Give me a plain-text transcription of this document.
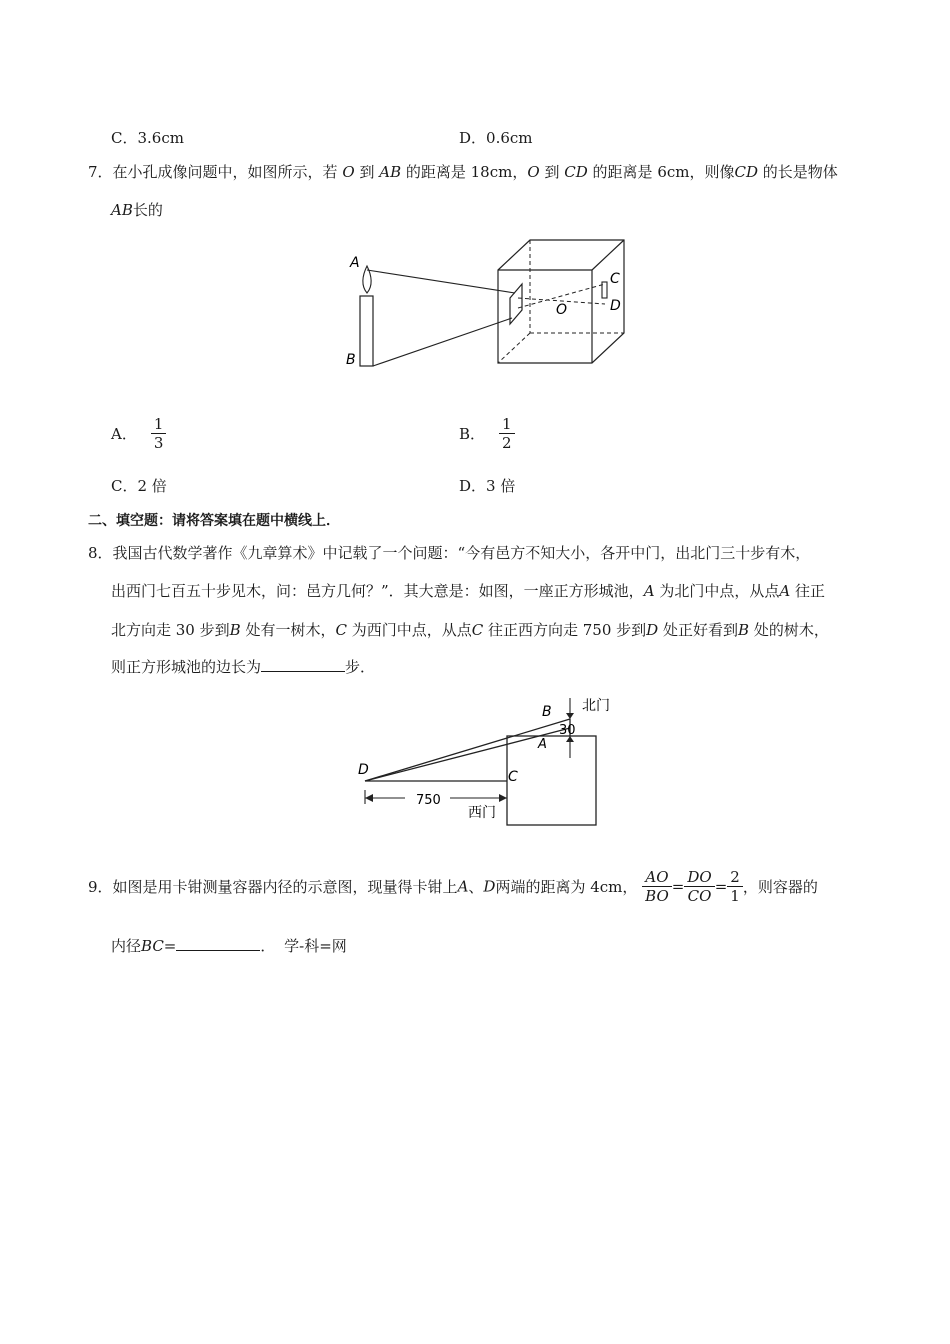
C．3.6cm	D．0.6cm
7．在小孔成像问题中，如图所示，若 O 到 AB 的距离是 18cm，O 到 CD 的距离是 6cm，则像CD 的长是物体
AB长的
A
B
C
D
O
A． $\frac{1}{3}$	B． $\frac{1}{2}$
C．2 倍	D．3 倍
二、填空题：请将答案填在题中横线上．
8．我国古代数学著作《九章算术》中记载了一个问题：“今有邑方不知大小，各开中门，出北门三十步有木，
出西门七百五十步见木，问：邑方几何？”．其大意是：如图，一座正方形城池，A 为北门中点，从点A 往正
北方向走 30 步到B 处有一树木，C 为西门中点，从点C 往正西方向走 750 步到D 处正好看到B 处的树木，
则正方形城池的边长为	步．
B 北门
30
A
D	C
750
西门
9．如图是用卡钳测量容器内径的示意图，现量得卡钳上A、D两端的距离为 4cm， $\frac{AO}{BO} = \frac{DO}{CO} = \frac{2}{1}$ ，则容器的
内径BC=	． 学-科=网
